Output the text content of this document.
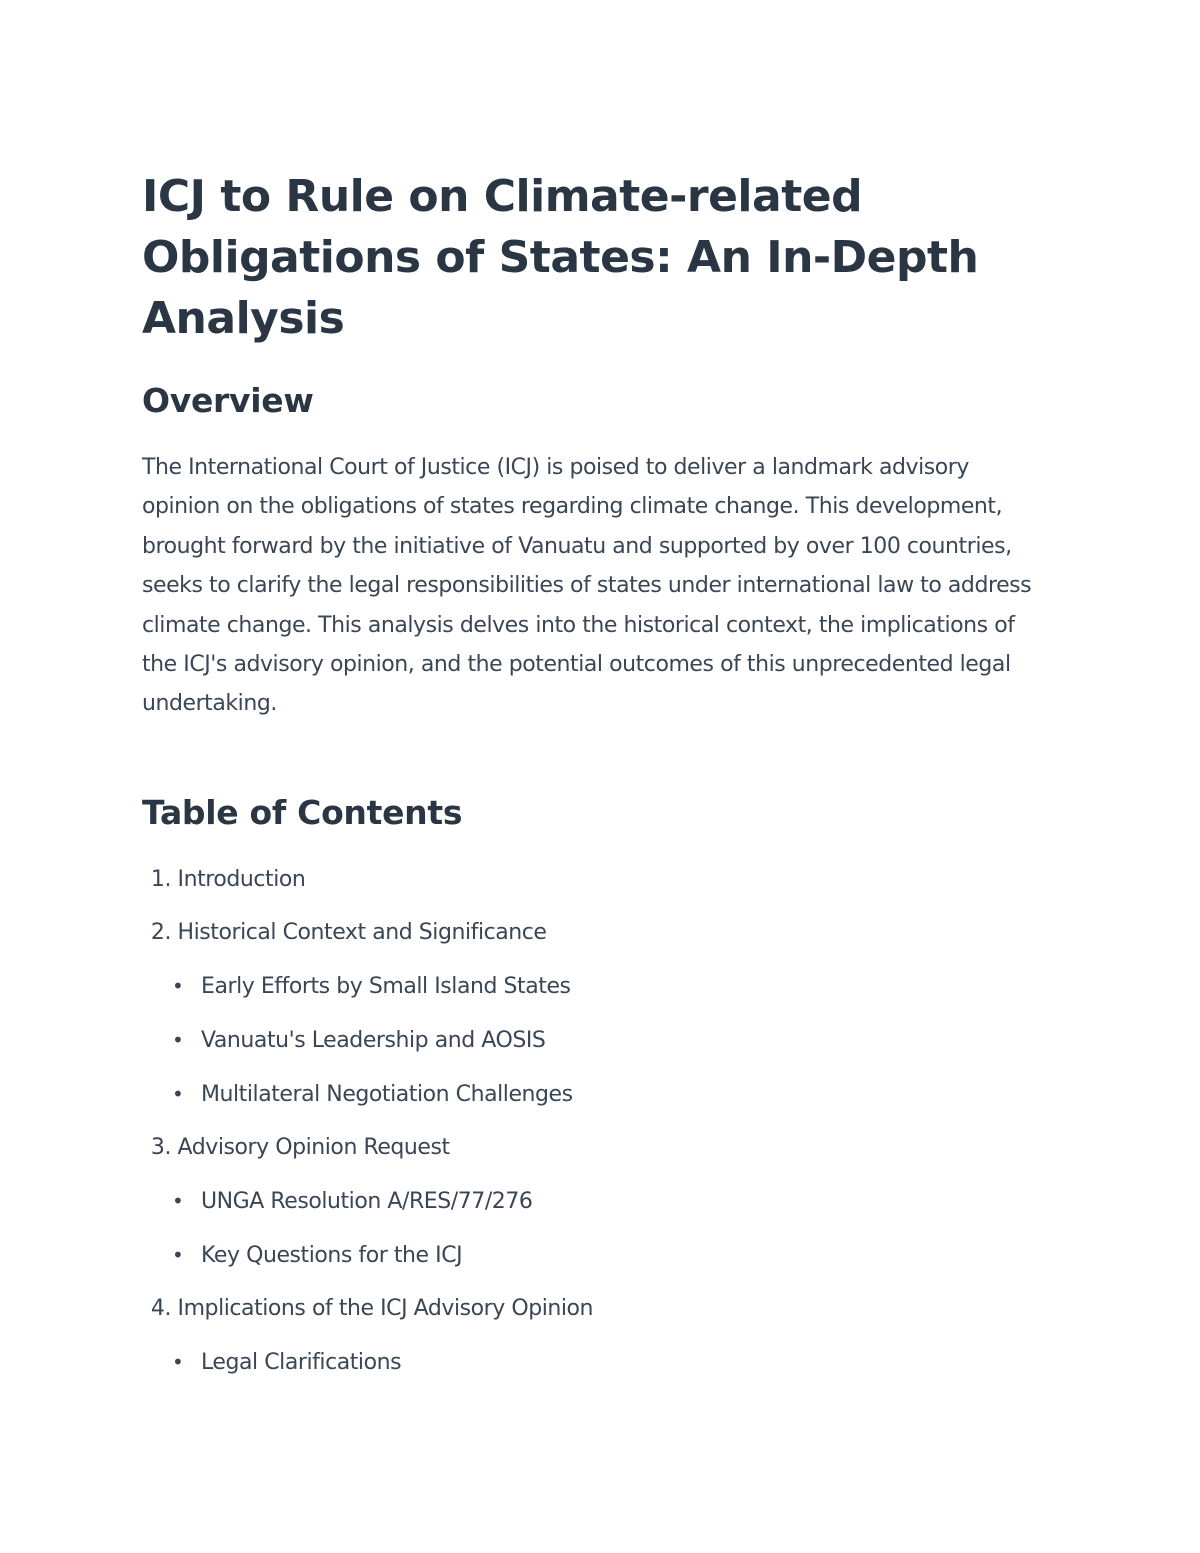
ICJ to Rule on Climate-related Obligations of States: An In-Depth Analysis
Overview

The International Court of Justice (ICJ) is poised to deliver a landmark advisory opinion on the obligations of states regarding climate change. This development, brought forward by the initiative of Vanuatu and supported by over 100 countries, seeks to clarify the legal responsibilities of states under international law to address climate change. This analysis delves into the historical context, the implications of the ICJ's advisory opinion, and the potential outcomes of this unprecedented legal undertaking.

Table of Contents
1. Introduction
2. Historical Context and Significance
• Early Efforts by Small Island States
• Vanuatu's Leadership and AOSIS
• Multilateral Negotiation Challenges
3. Advisory Opinion Request
• UNGA Resolution A/RES/77/276
• Key Questions for the ICJ
4. Implications of the ICJ Advisory Opinion
• Legal Clarifications
